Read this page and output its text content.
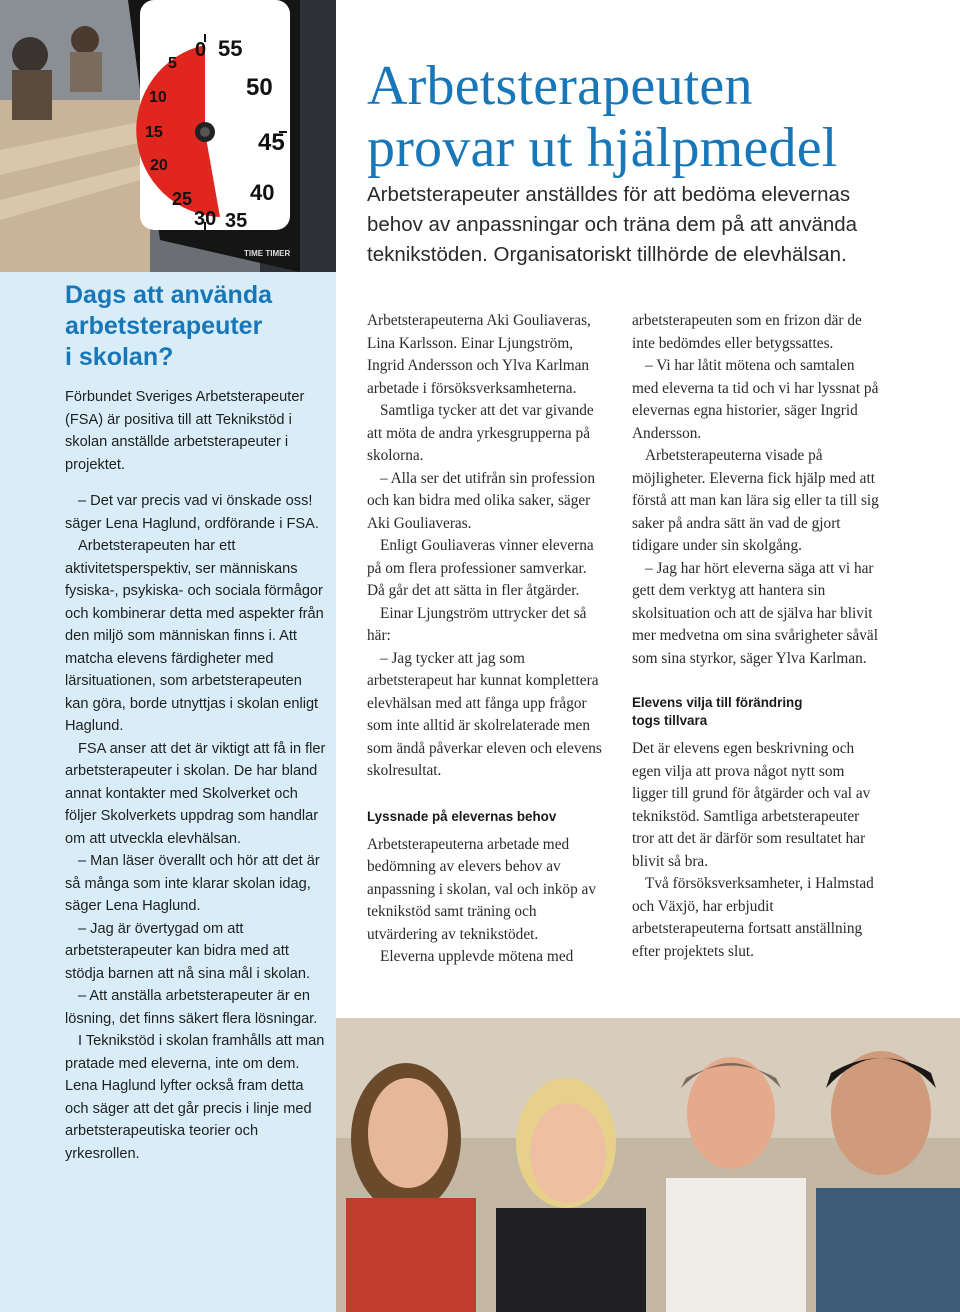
0
5
10
15
20
25
30 35
40
45
50
55
TIME TIMER
Dags att använda
arbetsterapeuter
i skolan?

Förbundet Sveriges Arbetsterapeuter (FSA) är positiva till att Teknikstöd i skolan anställde arbetsterapeuter i projektet.

– Det var precis vad vi önskade oss! säger Lena Haglund, ordförande i FSA.

Arbetsterapeuten har ett aktivitetsperspektiv, ser människans fysiska-, psykiska- och sociala förmågor och kombinerar detta med aspekter från den miljö som människan finns i. Att matcha elevens färdigheter med lärsituationen, som arbetsterapeuten kan göra, borde utnyttjas i skolan enligt Haglund.

FSA anser att det är viktigt att få in fler arbetsterapeuter i skolan. De har bland annat kontakter med Skolverket och följer Skolverkets uppdrag som handlar om att utveckla elevhälsan.

– Man läser överallt och hör att det är så många som inte klarar skolan idag, säger Lena Haglund.

– Jag är övertygad om att arbetsterapeuter kan bidra med att stödja barnen att nå sina mål i skolan.

– Att anställa arbetsterapeuter är en lösning, det finns säkert flera lösningar.

I Teknikstöd i skolan framhålls att man pratade med eleverna, inte om dem. Lena Haglund lyfter också fram detta och säger att det går precis i linje med arbetsterapeutiska teorier och yrkesrollen.

Arbetsterapeuten
provar ut hjälpmedel

Arbetsterapeuter anställdes för att bedöma elevernas behov av anpassningar och träna dem på att använda teknikstöden. Organisatoriskt tillhörde de elevhälsan.

Arbetsterapeuterna Aki Gouliaveras, Lina Karlsson. Einar Ljungström, Ingrid Andersson och Ylva Karlman arbetade i försöksverksamheterna.

Samtliga tycker att det var givande att möta de andra yrkesgrupperna på skolorna.

– Alla ser det utifrån sin profession och kan bidra med olika saker, säger Aki Gouliaveras.

Enligt Gouliaveras vinner eleverna på om flera professioner samverkar. Då går det att sätta in fler åtgärder.

Einar Ljungström uttrycker det så här:

– Jag tycker att jag som arbetsterapeut har kunnat komplettera elevhälsan med att fånga upp frågor som inte alltid är skolrelaterade men som ändå påverkar eleven och elevens skolresultat.

Lyssnade på elevernas behov

Arbetsterapeuterna arbetade med bedömning av elevers behov av anpassning i skolan, val och inköp av teknikstöd samt träning och utvärdering av teknikstödet.

Eleverna upplevde mötena med

arbetsterapeuten som en frizon där de inte bedömdes eller betygssattes.

– Vi har låtit mötena och samtalen med eleverna ta tid och vi har lyssnat på elevernas egna historier, säger Ingrid Andersson.

Arbetsterapeuterna visade på möjligheter. Eleverna fick hjälp med att förstå att man kan lära sig eller ta till sig saker på andra sätt än vad de gjort tidigare under sin skolgång.

– Jag har hört eleverna säga att vi har gett dem verktyg att hantera sin skolsituation och att de själva har blivit mer medvetna om sina svårigheter såväl som sina styrkor, säger Ylva Karlman.

Elevens vilja till förändring
togs tillvara

Det är elevens egen beskrivning och egen vilja att prova något nytt som ligger till grund för åtgärder och val av teknikstöd. Samtliga arbetsterapeuter tror att det är därför som resultatet har blivit så bra.

Två försöksverksamheter, i Halmstad och Växjö, har erbjudit arbetsterapeuterna fortsatt anställning efter projektets slut.
